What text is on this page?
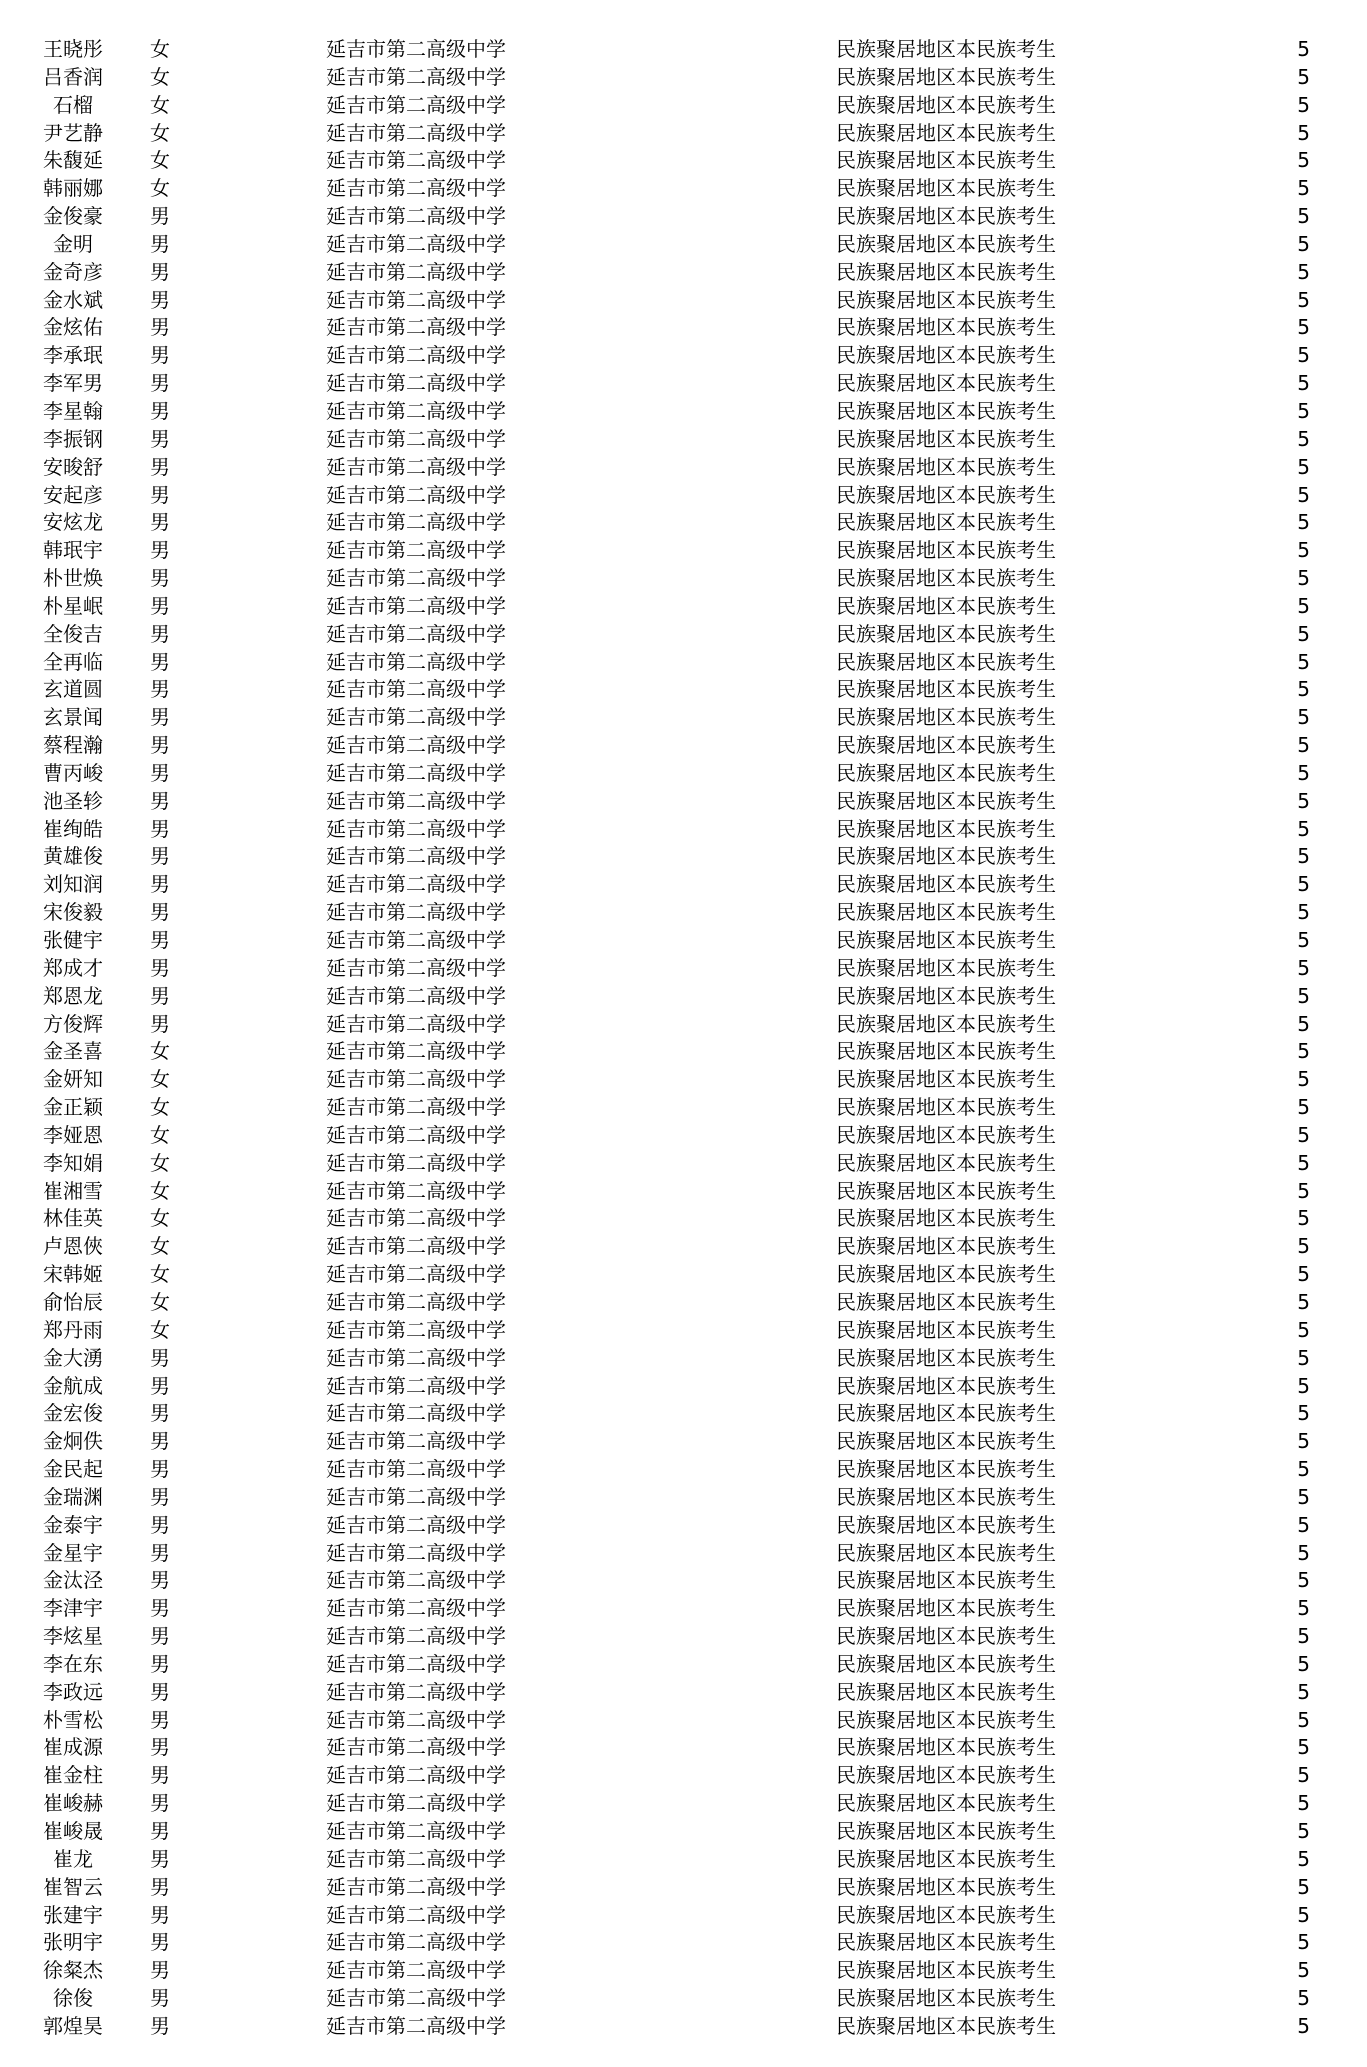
王晓彤	女	延吉市第二高级中学	民族聚居地区本民族考生	5
吕香润	女	延吉市第二高级中学	民族聚居地区本民族考生	5
石榴	女	延吉市第二高级中学	民族聚居地区本民族考生	5
尹艺静	女	延吉市第二高级中学	民族聚居地区本民族考生	5
朱馥延	女	延吉市第二高级中学	民族聚居地区本民族考生	5
韩丽娜	女	延吉市第二高级中学	民族聚居地区本民族考生	5
金俊豪	男	延吉市第二高级中学	民族聚居地区本民族考生	5
金明	男	延吉市第二高级中学	民族聚居地区本民族考生	5
金奇彦	男	延吉市第二高级中学	民族聚居地区本民族考生	5
金水斌	男	延吉市第二高级中学	民族聚居地区本民族考生	5
金炫佑	男	延吉市第二高级中学	民族聚居地区本民族考生	5
李承珉	男	延吉市第二高级中学	民族聚居地区本民族考生	5
李军男	男	延吉市第二高级中学	民族聚居地区本民族考生	5
李星翰	男	延吉市第二高级中学	民族聚居地区本民族考生	5
李振钢	男	延吉市第二高级中学	民族聚居地区本民族考生	5
安晙舒	男	延吉市第二高级中学	民族聚居地区本民族考生	5
安起彦	男	延吉市第二高级中学	民族聚居地区本民族考生	5
安炫龙	男	延吉市第二高级中学	民族聚居地区本民族考生	5
韩珉宇	男	延吉市第二高级中学	民族聚居地区本民族考生	5
朴世焕	男	延吉市第二高级中学	民族聚居地区本民族考生	5
朴星岷	男	延吉市第二高级中学	民族聚居地区本民族考生	5
全俊吉	男	延吉市第二高级中学	民族聚居地区本民族考生	5
全再临	男	延吉市第二高级中学	民族聚居地区本民族考生	5
玄道圆	男	延吉市第二高级中学	民族聚居地区本民族考生	5
玄景闻	男	延吉市第二高级中学	民族聚居地区本民族考生	5
蔡程瀚	男	延吉市第二高级中学	民族聚居地区本民族考生	5
曹丙峻	男	延吉市第二高级中学	民族聚居地区本民族考生	5
池圣轸	男	延吉市第二高级中学	民族聚居地区本民族考生	5
崔绚皓	男	延吉市第二高级中学	民族聚居地区本民族考生	5
黄雄俊	男	延吉市第二高级中学	民族聚居地区本民族考生	5
刘知润	男	延吉市第二高级中学	民族聚居地区本民族考生	5
宋俊毅	男	延吉市第二高级中学	民族聚居地区本民族考生	5
张健宇	男	延吉市第二高级中学	民族聚居地区本民族考生	5
郑成才	男	延吉市第二高级中学	民族聚居地区本民族考生	5
郑恩龙	男	延吉市第二高级中学	民族聚居地区本民族考生	5
方俊辉	男	延吉市第二高级中学	民族聚居地区本民族考生	5
金圣喜	女	延吉市第二高级中学	民族聚居地区本民族考生	5
金妍知	女	延吉市第二高级中学	民族聚居地区本民族考生	5
金正颖	女	延吉市第二高级中学	民族聚居地区本民族考生	5
李娅恩	女	延吉市第二高级中学	民族聚居地区本民族考生	5
李知娟	女	延吉市第二高级中学	民族聚居地区本民族考生	5
崔湘雪	女	延吉市第二高级中学	民族聚居地区本民族考生	5
林佳英	女	延吉市第二高级中学	民族聚居地区本民族考生	5
卢恩俠	女	延吉市第二高级中学	民族聚居地区本民族考生	5
宋韩姬	女	延吉市第二高级中学	民族聚居地区本民族考生	5
俞怡辰	女	延吉市第二高级中学	民族聚居地区本民族考生	5
郑丹雨	女	延吉市第二高级中学	民族聚居地区本民族考生	5
金大湧	男	延吉市第二高级中学	民族聚居地区本民族考生	5
金航成	男	延吉市第二高级中学	民族聚居地区本民族考生	5
金宏俊	男	延吉市第二高级中学	民族聚居地区本民族考生	5
金炯佚	男	延吉市第二高级中学	民族聚居地区本民族考生	5
金民起	男	延吉市第二高级中学	民族聚居地区本民族考生	5
金瑞渊	男	延吉市第二高级中学	民族聚居地区本民族考生	5
金泰宇	男	延吉市第二高级中学	民族聚居地区本民族考生	5
金星宇	男	延吉市第二高级中学	民族聚居地区本民族考生	5
金汰泾	男	延吉市第二高级中学	民族聚居地区本民族考生	5
李津宇	男	延吉市第二高级中学	民族聚居地区本民族考生	5
李炫星	男	延吉市第二高级中学	民族聚居地区本民族考生	5
李在东	男	延吉市第二高级中学	民族聚居地区本民族考生	5
李政远	男	延吉市第二高级中学	民族聚居地区本民族考生	5
朴雪松	男	延吉市第二高级中学	民族聚居地区本民族考生	5
崔成源	男	延吉市第二高级中学	民族聚居地区本民族考生	5
崔金柱	男	延吉市第二高级中学	民族聚居地区本民族考生	5
崔峻赫	男	延吉市第二高级中学	民族聚居地区本民族考生	5
崔峻晟	男	延吉市第二高级中学	民族聚居地区本民族考生	5
崔龙	男	延吉市第二高级中学	民族聚居地区本民族考生	5
崔智云	男	延吉市第二高级中学	民族聚居地区本民族考生	5
张建宇	男	延吉市第二高级中学	民族聚居地区本民族考生	5
张明宇	男	延吉市第二高级中学	民族聚居地区本民族考生	5
徐粲杰	男	延吉市第二高级中学	民族聚居地区本民族考生	5
徐俊	男	延吉市第二高级中学	民族聚居地区本民族考生	5
郭煌昊	男	延吉市第二高级中学	民族聚居地区本民族考生	5
